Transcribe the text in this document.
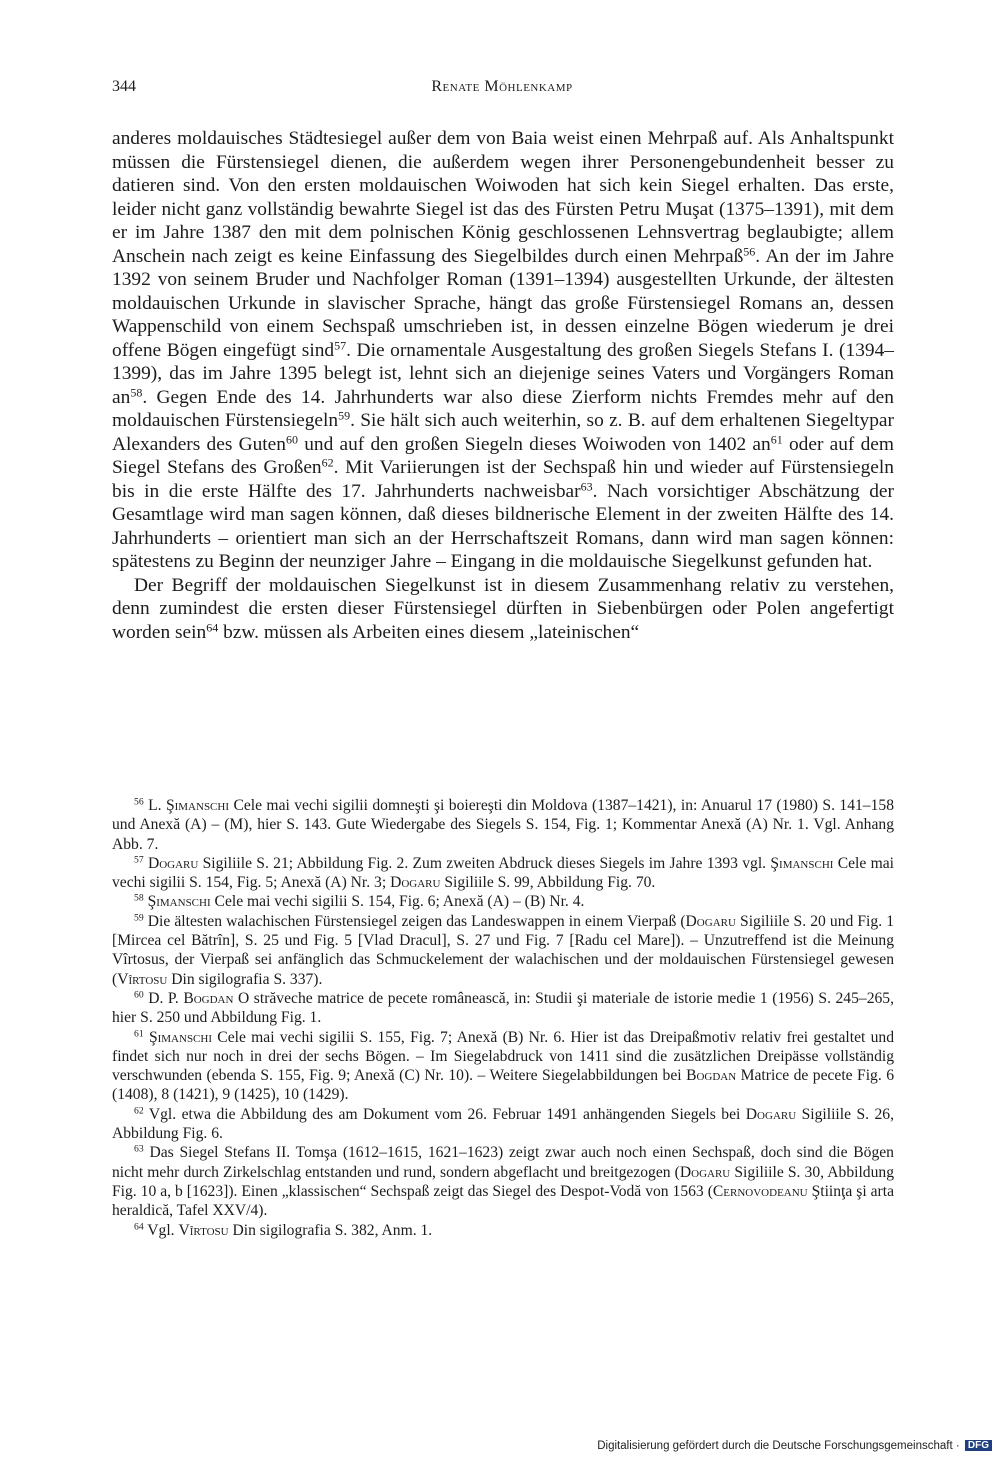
344	Renate Möhlenkamp

anderes moldauisches Städtesiegel außer dem von Baia weist einen Mehrpaß auf. Als Anhaltspunkt müssen die Fürstensiegel dienen, die außerdem wegen ihrer Personengebundenheit besser zu datieren sind. Von den ersten moldauischen Woiwoden hat sich kein Siegel erhalten. Das erste, leider nicht ganz vollständig bewahrte Siegel ist das des Fürsten Petru Muşat (1375–1391), mit dem er im Jahre 1387 den mit dem polnischen König geschlossenen Lehnsvertrag beglaubigte; allem Anschein nach zeigt es keine Einfassung des Siegelbildes durch einen Mehrpaß$^{56}$. An der im Jahre 1392 von seinem Bruder und Nachfolger Roman (1391–1394) ausgestellten Urkunde, der ältesten moldauischen Urkunde in slavischer Sprache, hängt das große Fürstensiegel Romans an, dessen Wappenschild von einem Sechspaß umschrieben ist, in dessen einzelne Bögen wiederum je drei offene Bögen eingefügt sind$^{57}$. Die ornamentale Ausgestaltung des großen Siegels Stefans I. (1394–1399), das im Jahre 1395 belegt ist, lehnt sich an diejenige seines Vaters und Vorgängers Roman $an^{58}$. Gegen Ende des 14. Jahrhunderts war also diese Zierform nichts Fremdes mehr auf den moldauischen Fürstensiegeln$^{59}$. Sie hält sich auch weiterhin, so z. B. auf dem erhaltenen Siegeltypar Alexanders des Guten$^{60}$ und auf den großen Siegeln dieses Woiwoden von 1402 $an^{61}$ oder auf dem Siegel Stefans des Großen$^{62}$. Mit Variierungen ist der Sechspaß hin und wieder auf Fürstensiegeln bis in die erste Hälfte des 17. Jahrhunderts nachweisbar$^{63}$. Nach vorsichtiger Abschätzung der Gesamtlage wird man sagen können, daß dieses bildnerische Element in der zweiten Hälfte des 14. Jahrhunderts – orientiert man sich an der Herrschaftszeit Romans, dann wird man sagen können: spätestens zu Beginn der neunziger Jahre – Eingang in die moldauische Siegelkunst gefunden hat.

Der Begriff der moldauischen Siegelkunst ist in diesem Zusammenhang relativ zu verstehen, denn zumindest die ersten dieser Fürstensiegel dürften in Siebenbürgen oder Polen angefertigt worden sein$^{64}$ bzw. müssen als Arbeiten eines diesem „lateinischen“

$^{56}$ L. Şimanschi Cele mai vechi sigilii domneşti şi boiereşti din Moldova (1387–1421), in: Anuarul 17 (1980) S. 141–158 und Anexă (A) – (M), hier S. 143. Gute Wiedergabe des Siegels S. 154, Fig. 1; Kommentar Anexă (A) Nr. 1. Vgl. Anhang Abb. 7.

$^{57}$ Dogaru Sigiliile S. 21; Abbildung Fig. 2. Zum zweiten Abdruck dieses Siegels im Jahre 1393 vgl. Şimanschi Cele mai vechi sigilii S. 154, Fig. 5; Anexă (A) Nr. 3; Dogaru Sigiliile S. 99, Abbildung Fig. 70.

$^{58}$ Şimanschi Cele mai vechi sigilii S. 154, Fig. 6; Anexă (A) – (B) Nr. 4.

$^{59}$ Die ältesten walachischen Fürstensiegel zeigen das Landeswappen in einem Vierpaß (Dogaru Sigiliile S. 20 und Fig. 1 [Mircea cel Bătrîn], S. 25 und Fig. 5 [Vlad Dracul], S. 27 und Fig. 7 [Radu cel Mare]). – Unzutreffend ist die Meinung Vîrtosus, der Vierpaß sei anfänglich das Schmuckelement der walachischen und der moldauischen Fürstensiegel gewesen (Vîrtosu Din sigilografia S. 337).

$^{60}$ D. P. Bogdan O străveche matrice de pecete românească, in: Studii şi materiale de istorie medie 1 (1956) S. 245–265, hier S. 250 und Abbildung Fig. 1.

$^{61}$ Şimanschi Cele mai vechi sigilii S. 155, Fig. 7; Anexă (B) Nr. 6. Hier ist das Dreipaßmotiv relativ frei gestaltet und findet sich nur noch in drei der sechs Bögen. – Im Siegelabdruck von 1411 sind die zusätzlichen Dreipässe vollständig verschwunden (ebenda S. 155, Fig. 9; Anexă (C) Nr. 10). – Weitere Siegelabbildungen bei Bogdan Matrice de pecete Fig. 6 (1408), 8 (1421), 9 (1425), 10 (1429).

$^{62}$ Vgl. etwa die Abbildung des am Dokument vom 26. Februar 1491 anhängenden Siegels bei Dogaru Sigiliile S. 26, Abbildung Fig. 6.

$^{63}$ Das Siegel Stefans II. Tomşa (1612–1615, 1621–1623) zeigt zwar auch noch einen Sechspaß, doch sind die Bögen nicht mehr durch Zirkelschlag entstanden und rund, sondern abgeflacht und breitgezogen (Dogaru Sigiliile S. 30, Abbildung Fig. 10 a, b [1623]). Einen „klassischen“ Sechspaß zeigt das Siegel des Despot-Vodă von 1563 (Cernovodeanu Ştiinţa şi arta heraldică, Tafel XXV/4).

$^{64}$ Vgl. Vîrtosu Din sigilografia S. 382, Anm. 1.

Digitalisierung gefördert durch die Deutsche Forschungsgemeinschaft · DFG
